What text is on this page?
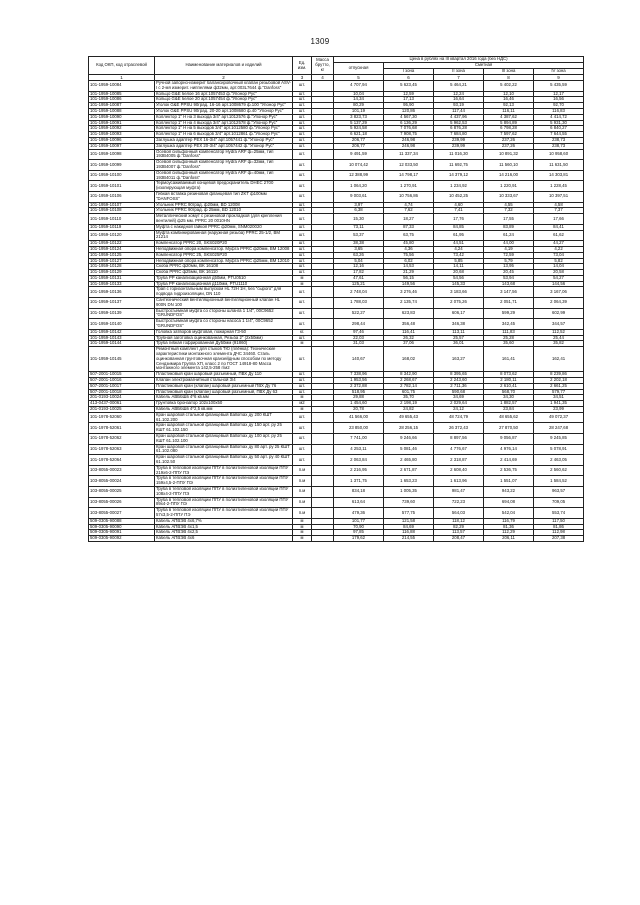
1309
Код ОКП, код отраслевой	Наименование материалов и изделий	Ед. изм.	Масса брутто, кг	Цена в рублях на III квартал 2016 года (без НДС)				
				отпускная	Сметная			
					I зона	II зона	III зона	IV зона
1	2	3	4	5	6	7	8	9
101-1959-10084	Ручной запорно-измерит балансировочный клапан резьбовой ASV-I с 2-мя измерит. ниппелями ф32мм, арт.003L7644 ф."Danfoss"	шт.		4 707,94	5 623,45	5 464,21	5 402,22	5 435,59
101-1959-10085	Кольцо G&E белое 16 арт.1057453 ф."Упонор Рус"	шт.		10,04	12,59	12,24	12,10	12,17
101-1959-10086	Кольцо G&E белое 20 арт.1057454 ф."Упонор Рус"	шт.		14,34	17,13	16,64	16,46	16,56
101-1959-10087	Уголок G&E PPSU 90град. 16-16 арт.1008679 ф.100 "Упонор Рус"	шт.		80,29	95,90	93,19	92,13	92,70
101-1959-10088	Уголок G&E PPSU 90град. 20-20 арт.1008680 ф.40 "Упонор Рус"	шт.		101,19	120,86	117,44	116,11	116,83
101-1959-10090	Коллектор 1" H на 3 выхода 3/4" арт.1012576 ф."Упонор Рус"	шт.		3 823,73	4 567,30	4 437,96	4 387,62	4 414,72
101-1959-10091	Коллектор 1" H на 4 выхода 3/4" арт.1012578 ф."Упонор Рус"	шт.		5 137,29	6 136,29	5 962,53	5 894,89	5 931,30
101-1959-10092	Коллектор 1" H на 5 выходов 3/4" арт.1012580 ф."Упонор Рус"	шт.		5 924,58	7 076,68	6 876,28	6 798,28	6 840,27
101-1959-10093	Коллектор 1" H на 6 выходов 3/4" арт.1012861 ф."Упонор Рус"	шт.		6 621,18	7 908,75	7 684,80	7 597,62	7 644,55
101-1959-10096	Заглушка адаптер PEX 16-3/4" арт.1057441 ф."Упонор Рус"	шт.		206,77	246,98	239,99	237,26	238,73
101-1959-10097	Заглушка адаптер PEX 20-3/4" арт.1057442 ф."Упонор Рус"	шт.		206,77	246,98	239,99	237,26	238,73
101-1959-10098	Осевой сильфонный компенсатор Hydra ARF ф=25мм, тип 193B4005 ф."Danfoss"	шт.		9 491,59	11 337,34	11 016,30	10 891,32	10 958,60
101-1959-10099	Осевой сильфонный компенсатор Hydra ARF ф=32мм, тип 193B4007 ф."Danfoss"	шт.		10 074,42	12 033,50	11 692,75	11 560,10	11 631,50
101-1959-10100	Осевой сильфонный компенсатор Hydra ARF ф=40мм, тип 193B4011 ф."Danfoss"	шт.		12 388,99	14 798,17	14 379,12	14 216,00	14 303,81
101-1959-10101	Термоусаживаемый концевой предохранитель DHEC 2700 (изолирующая муфта)	шт.		1 064,20	1 270,91	1 234,92	1 220,91	1 228,45
101-1959-10106	Гибкая вставка резиновая фланцевая тип ZKT ф100мм "DANFOSS"	шт.		9 003,61	10 756,86	10 452,25	10 333,67	10 397,51
101-1959-10107	Угольник PPRC 90град. ф20мм, BD 12008	шт.		3,97	4,74	4,60	4,55	4,58
101-1959-10108	Угольник PPRC 90град. ф 25мм, BD 12010	шт.		6,38	7,62	7,41	7,32	7,37
101-1959-10110	Металлический хомут с резиновой прокладкой (для крепления вентилей) ф25 мм. PPRC 20 0010HN	шт.		15,30	18,27	17,76	17,55	17,66
101-1959-10119	Муфта с накидной гайкой PPRC ф20мм, SNM020020	шт.		73,11	87,33	84,85	83,89	84,41
101-1959-10120	Муфта комбинированная (наружная резьба) PPRC 25-1/2, BM 21214	шт.		53,37	63,75	61,95	61,24	61,62
101-1959-10122	Компенсатор PPRC 20, SKS020P20	шт.		38,38	45,80	44,51	44,00	44,27
101-1959-10124	Неподвижная опора компенсатор. Муфта PPRC ф20мм, BM 12008	шт.		3,65	4,36	4,24	4,19	4,22
101-1959-10125	Компенсатор PPRC 25, SKS025P20	шт.		63,26	75,56	73,42	72,59	73,04
101-1959-10127	Неподвижная опора компенсатор. Муфта PPRC ф25мм, BM 12010	шт.		5,04	6,02	5,85	5,79	5,82
101-1959-10128	Скоба PPRC ф20мм, BK 16108	шт.		12,16	14,53	14,11	13,95	14,04
101-1959-10129	Скоба PPRC ф25мм, BK 16110	шт.		17,82	21,29	20,68	20,45	20,58
101-1959-10131	Труба PP канализационная д50мм, PTU0510	м		47,61	56,15	54,56	53,94	54,27
101-1959-10133	Труба PP канализационная д110мм, PTU1110	м		125,21	149,56	145,33	143,68	144,56
101-1959-10136	Трап с горизонтальным выпуском HL 72H 1H, без "сырого" для подвода гидроизоляции, DN 110	шт.		2 748,04	3 276,46	3 183,66	3 147,56	3 167,06
101-1959-10137	Сантехнический вентиляционный вентиляционный клапан HL 900N DN 100	шт.		1 788,03	2 135,74	2 075,26	2 051,71	2 064,39
101-1959-10139	Быстросъемная муфта со стороны шланга 1 1/4", 00C9652 "GRUNDFOS"	шт.		522,27	623,83	606,17	599,29	602,99
101-1959-10140	Быстросъемная муфта со стороны насоса 1 1/4", 00C9652 "GRUNDFOS"	шт.		298,44	356,48	346,38	342,45	344,57
101-1959-10142	Головка затворов муфтовая, пожарная ГЗ-50	кг.		97,46	116,41	113,11	111,83	112,52
101-1959-10143	Трубная заготовка оцинкованная, Резьба 2" (2х50мм)	шт.		22,03	26,32	25,57	25,28	25,44
101-1959-10144	Труба гибкая гофрированная Ду50мм (91860)	м		31,03	37,06	36,01	35,60	35,82
101-1959-10145	Ремонтный комплект для стыков ТЮ (плёнка): Технические характеристики монтажного элемента ДЧС 34460. Сталь оцинкованная грунтовочная кранзейдным способом по методу Сендзимира Группа XП, класс 2 по ГОСТ 14918-80 Масса монтажного элемента 142,5-258 г/м2	шт.		140,67	168,02	163,27	161,41	162,41
507-2001-10015	Пластиковый кран шаровый разъемный, ПВХ Ду 110	шт.		7 338,96	8 342,90	8 395,65	8 073,62	8 239,86
507-2001-10016	Клапан электромагнитный стальной 3/4	шт.		1 953,56	2 268,67	2 243,60	2 180,11	2 202,18
507-2001-10017	Пластиковый кран (клапан) шаровый разъемный ПВХ Ду 76	шт.		2 372,88	2 782,14	2 711,36	2 610,41	2 661,25
507-2001-10018	Пластиковый кран (клапан) шаровый разъемный, ПВХ Ду 63	шт.		518,95	601,75	590,68	568,70	579,77
201-0193-10024	Кабель АВБбШв 4*6 кв.мм	м		29,88	35,70	34,69	34,30	34,51
413-0437-00061	Грунтовка бронзатор 102х100х50	м2		1 454,60	2 198,19	2 029,64	1 882,57	1 941,35
201-0193-10025	Кабель АВБбШв 4*2,5 кв.мм	м		20,78	24,82	24,12	23,84	23,99
101-1978-52060	Кран шаровой стальной фланцевый Ballomax ду 200 КШТ 61.102.200	шт.		41 566,00	49 655,43	48 724,79	48 655,62	49 072,37
101-1978-52061	Кран шаровой стальной фланцевый Ballomax ду 150 арт. ру 25 КШТ 61.102.150	шт.		23 850,00	28 256,15	26 372,43	27 870,50	28 247,68
101-1978-52062	Кран шаровой стальной фланцевый Ballomax ду 100 арт. ру 25 КШТ 61.102.100	шт.		7 741,00	9 246,66	8 897,56	9 056,87	9 245,85
101-1978-52063	Кран шаровой стальной фланцевый Ballomax ду 80 арт. ру 25 КШТ 61.102.080	шт.		4 253,11	5 081,46	4 776,67	4 976,14	5 078,91
101-1978-52064	Кран шаровой стальной фланцевый Ballomax ду 50 арт. ру 40 КШТ 61.102.50	шт.		2 063,84	2 465,80	2 318,87	2 414,69	2 463,05
103-8055-00023	Труба в тепловой изоляции ППУ в полиэтиленовой изоляции ППУ 219х6-2-ППУ ПЭ	п.м		2 216,95	2 671,87	2 608,40	2 536,75	2 560,62
103-8055-00024	Труба в тепловой изоляции ППУ в полиэтиленовой изоляции ППУ 159х4,5-2-ППУ ПЭ	п.м		1 371,75	1 653,23	1 613,96	1 551,07	1 584,52
103-8055-00025	Труба в тепловой изоляции ППУ в полиэтиленовой изоляции ППУ 108х4-2-ППУ ПЭ	п.м		834,18	1 005,35	981,47	943,22	963,57
103-8055-00026	Труба в тепловой изоляции ППУ в полиэтиленовой изоляции ППУ 89х4-2-ППУ ПЭ	п.м		613,64	739,60	722,23	694,08	709,05
103-8055-00027	Труба в тепловой изоляции ППУ в полиэтиленовой изоляции ППУ 57х3,5-2-ППУ ПЭ	п.м		479,36	577,75	564,03	542,04	553,74
509-0305-90088	Кабель АПВЭВ 4х6,7%	м		101,77	121,58	118,12	116,79	117,50
509-0305-90090	Кабель АПВЭВ 4х1,5	м		70,90	84,69	82,29	81,36	81,86
509-0305-90091	Кабель АПВЭВ 4х2,5	м		97,85	116,88	113,57	112,29	112,98
509-0305-90092	Кабель АПВЭВ 4х6	м		179,62	214,55	208,47	206,11	207,38
